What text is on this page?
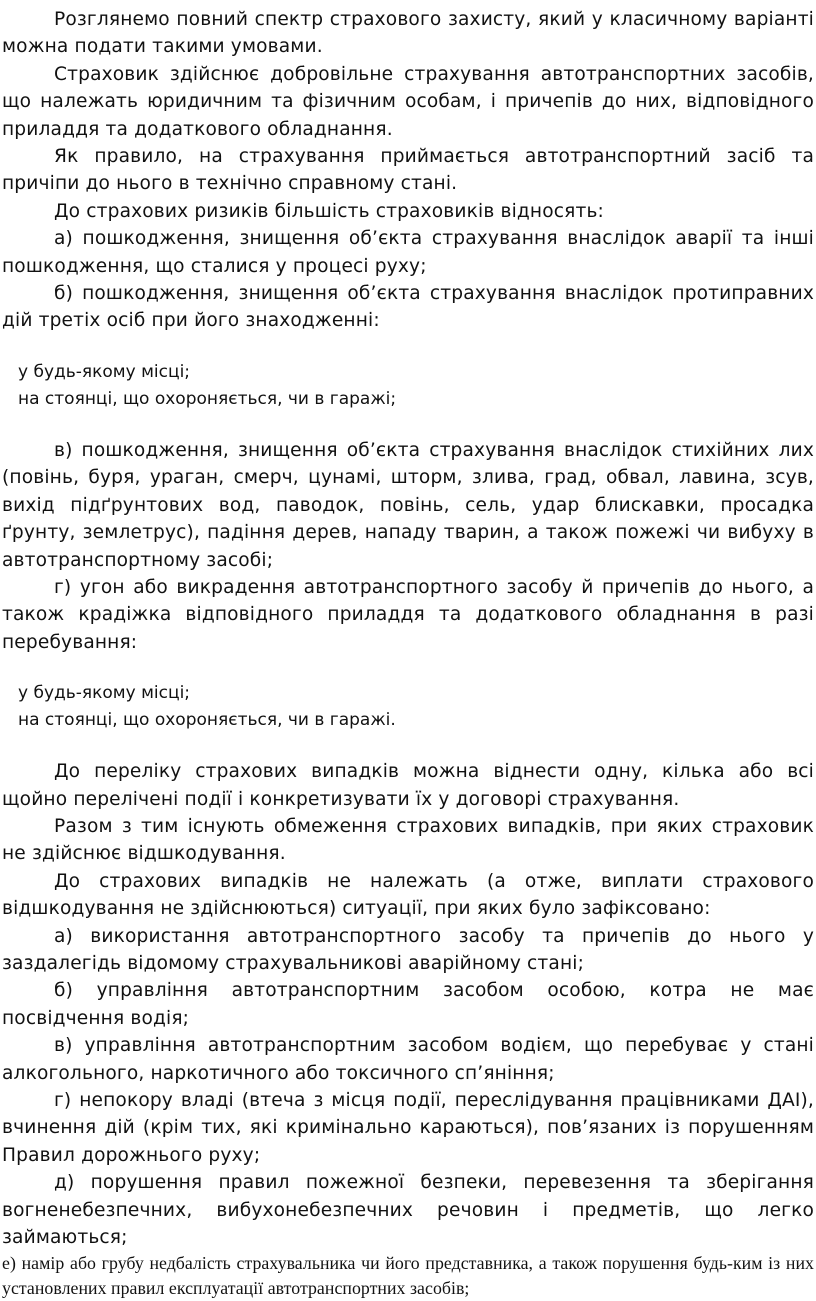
Розглянемо повний спектр страхового захисту, який у класичному варіанті можна подати такими умовами.

Страховик здійснює добровільне страхування автотранспортних засобів, що належать юридичним та фізичним особам, і причепів до них, відповідного приладдя та додаткового обладнання.

Як правило, на страхування приймається автотранспортний засіб та причіпи до нього в технічно справному стані.

До страхових ризиків більшість страховиків відносять:

а) пошкодження, знищення об’єкта страхування внаслідок аварії та інші пошкодження, що сталися у процесі руху;

б) пошкодження, знищення об’єкта страхування внаслідок протиправних дій третіх осіб при його знаходженні:

у будь-якому місці;
на стоянці, що охороняється, чи в гаражі;

в) пошкодження, знищення об’єкта страхування внаслідок стихійних лих (повінь, буря, ураган, смерч, цунамі, шторм, злива, град, обвал, лавина, зсув, вихід підґрунтових вод, паводок, повінь, сель, удар блискавки, просадка ґрунту, землетрус), падіння дерев, нападу тварин, а також пожежі чи вибуху в автотранспортному засобі;

г) угон або викрадення автотранспортного засобу й причепів до нього, а також крадіжка відповідного приладдя та додаткового обладнання в разі перебування:

у будь-якому місці;
на стоянці, що охороняється, чи в гаражі.

До переліку страхових випадків можна віднести одну, кілька або всі щойно перелічені події і конкретизувати їх у договорі страхування.

Разом з тим існують обмеження страхових випадків, при яких страховик не здійснює відшкодування.

До страхових випадків не належать (а отже, виплати страхового відшкодування не здійснюються) ситуації, при яких було зафіксовано:

а) використання автотранспортного засобу та причепів до нього у заздалегідь відомому страхувальникові аварійному стані;

б) управління автотранспортним засобом особою, котра не має посвідчення водія;

в) управління автотранспортним засобом водієм, що перебуває у стані алкогольного, наркотичного або токсичного сп’яніння;

г) непокору владі (втеча з місця події, переслідування працівниками ДАІ), вчинення дій (крім тих, які кримінально караються), пов’язаних із порушенням Правил дорожнього руху;

д) порушення правил пожежної безпеки, перевезення та зберігання вогненебезпечних, вибухонебезпечних речовин і предметів, що легко займаються;

е) намір або грубу недбалість страхувальника чи його представника, а також порушення будь-ким із них установлених правил експлуатації автотранспортних засобів;
